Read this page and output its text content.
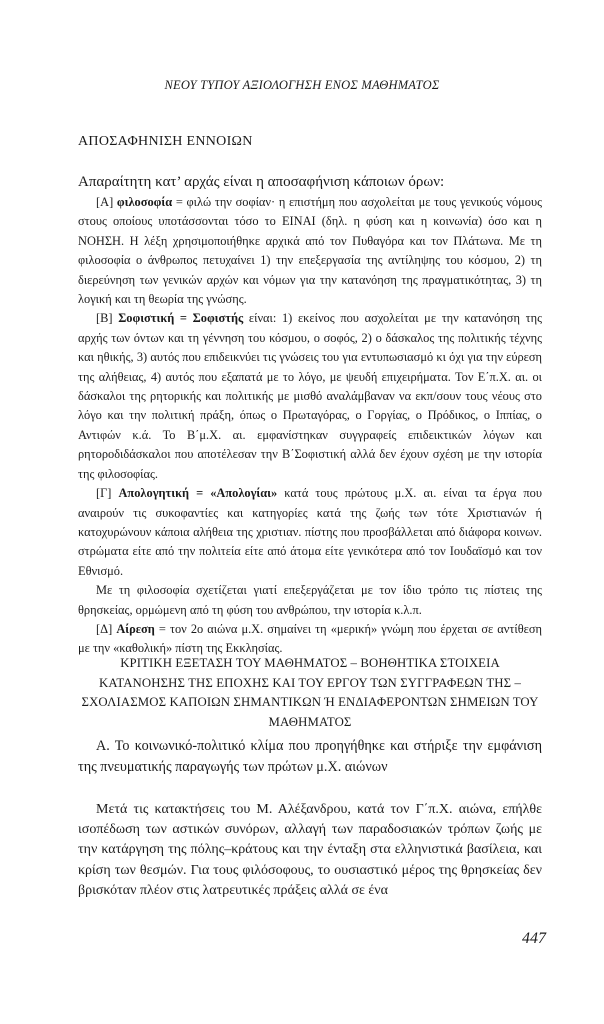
ΝΕΟΥ ΤΥΠΟΥ ΑΞΙΟΛΟΓΗΣΗ ΕΝΟΣ ΜΑΘΗΜΑΤΟΣ
ΑΠΟΣΑΦΗΝΙΣΗ ΕΝΝΟΙΩΝ

Απαραίτητη κατ’ αρχάς είναι η αποσαφήνιση κάποιων όρων:

[Α] φιλοσοφία = φιλώ την σοφίαν· η επιστήμη που ασχολείται με τους γενικούς νόμους στους οποίους υποτάσσονται τόσο το ΕΙΝΑΙ (δηλ. η φύση και η κοινωνία) όσο και η ΝΟΗΣΗ. Η λέξη χρησιμοποιήθηκε αρχικά από τον Πυθαγόρα και τον Πλάτωνα. Με τη φιλοσοφία ο άνθρωπος πετυχαίνει 1) την επεξεργασία της αντίληψης του κόσμου, 2) τη διερεύνηση των γενικών αρχών και νόμων για την κατανόηση της πραγματικότητας, 3) τη λογική και τη θεωρία της γνώσης.

[Β] Σοφιστική = Σοφιστής είναι: 1) εκείνος που ασχολείται με την κατανόηση της αρχής των όντων και τη γέννηση του κόσμου, ο σοφός, 2) ο δάσκαλος της πολιτικής τέχνης και ηθικής, 3) αυτός που επιδεικνύει τις γνώσεις του για εντυπωσιασμό κι όχι για την εύρεση της αλήθειας, 4) αυτός που εξαπατά με το λόγο, με ψευδή επιχειρήματα. Τον Ε΄π.Χ. αι. οι δάσκαλοι της ρητορικής και πολιτικής με μισθό αναλάμβαναν να εκπ/σουν τους νέους στο λόγο και την πολιτική πράξη, όπως ο Πρωταγόρας, ο Γοργίας, ο Πρόδικος, ο Ιππίας, ο Αντιφών κ.ά. Το Β΄μ.Χ. αι. εμφανίστηκαν συγγραφείς επιδεικτικών λόγων και ρητοροδιδάσκαλοι που αποτέλεσαν την Β΄Σοφιστική αλλά δεν έχουν σχέση με την ιστορία της φιλοσοφίας.

[Γ] Απολογητική = «Απολογίαι» κατά τους πρώτους μ.Χ. αι. είναι τα έργα που αναιρούν τις συκοφαντίες και κατηγορίες κατά της ζωής των τότε Χριστιανών ή κατοχυρώνουν κάποια αλήθεια της χριστιαν. πίστης που προσβάλλεται από διάφορα κοινων. στρώματα είτε από την πολιτεία είτε από άτομα είτε γενικότερα από τον Ιουδαϊσμό και τον Εθνισμό.

Με τη φιλοσοφία σχετίζεται γιατί επεξεργάζεται με τον ίδιο τρόπο τις πίστεις της θρησκείας, ορμώμενη από τη φύση του ανθρώπου, την ιστορία κ.λ.π.

[Δ] Αίρεση = τον 2ο αιώνα μ.Χ. σημαίνει τη «μερική» γνώμη που έρχεται σε αντίθεση με την «καθολική» πίστη της Εκκλησίας.

ΚΡΙΤΙΚΗ ΕΞΕΤΑΣΗ ΤΟΥ ΜΑΘΗΜΑΤΟΣ – ΒΟΗΘΗΤΙΚΑ ΣΤΟΙΧΕΙΑ
ΚΑΤΑΝΟΗΣΗΣ ΤΗΣ ΕΠΟΧΗΣ ΚΑΙ ΤΟΥ ΕΡΓΟΥ ΤΩΝ ΣΥΓΓΡΑΦΕΩΝ ΤΗΣ –
ΣΧΟΛΙΑΣΜΟΣ ΚΑΠΟΙΩΝ ΣΗΜΑΝΤΙΚΩΝ Ή ΕΝΔΙΑΦΕΡΟΝΤΩΝ ΣΗΜΕΙΩΝ ΤΟΥ
ΜΑΘΗΜΑΤΟΣ
Α. Το κοινωνικό-πολιτικό κλίμα που προηγήθηκε και στήριξε την εμφάνιση της πνευματικής παραγωγής των πρώτων μ.Χ. αιώνων
Μετά τις κατακτήσεις του Μ. Αλέξανδρου, κατά τον Γ΄π.Χ. αιώνα, επήλθε ισοπέδωση των αστικών συνόρων, αλλαγή των παραδοσιακών τρόπων ζωής με την κατάργηση της πόλης–κράτους και την ένταξη στα ελληνιστικά βασίλεια, και κρίση των θεσμών. Για τους φιλόσοφους, το ουσιαστικό μέρος της θρησκείας δεν βρισκόταν πλέον στις λατρευτικές πράξεις αλλά σε ένα
447
